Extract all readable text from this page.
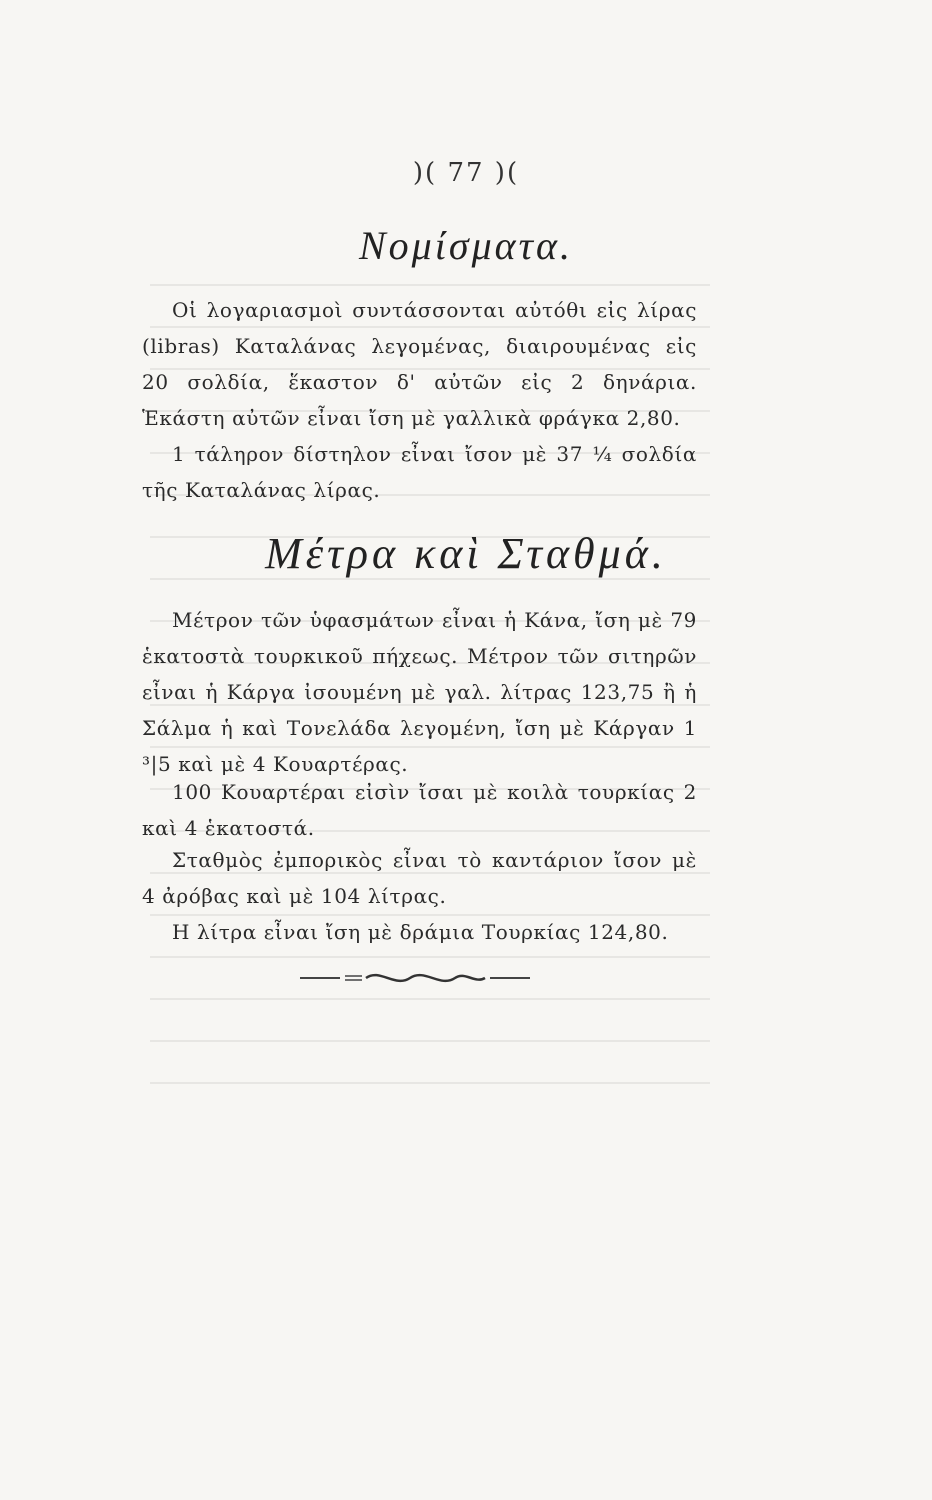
)( 77 )(
Νομίσματα.
Οἱ λογαριασμοὶ συντάσσονται αὐτόθι εἰς λίρας (libras) Καταλάνας λεγομένας, διαιρουμένας εἰς 20 σολδία, ἕκαστον δ' αὐτῶν εἰς 2 δηνάρια. Ἑκάστη αὐτῶν εἶναι ἴση μὲ γαλλικὰ φράγκα 2,80.
1 τάληρον δίστηλον εἶναι ἴσον μὲ 37 ¼ σολδία τῆς Καταλάνας λίρας.
Μέτρα καὶ Σταθμά.
Μέτρον τῶν ὑφασμάτων εἶναι ἡ Κάνα, ἴση μὲ 79 ἑκατοστὰ τουρκικοῦ πήχεως. Μέτρον τῶν σιτηρῶν εἶναι ἡ Κάργα ἰσουμένη μὲ γαλ. λίτρας 123,75 ἢ ἡ Σάλμα ἡ καὶ Τονελάδα λεγομένη, ἴση μὲ Κάργαν 1 ³|5 καὶ μὲ 4 Κουαρτέρας.
100 Κουαρτέραι εἰσὶν ἴσαι μὲ κοιλὰ τουρκίας 2 καὶ 4 ἑκατοστά.
Σταθμὸς ἐμπορικὸς εἶναι τὸ καντάριον ἴσον μὲ 4 ἀρόβας καὶ μὲ 104 λίτρας.
Η λίτρα εἶναι ἴση μὲ δράμια Τουρκίας 124,80.
